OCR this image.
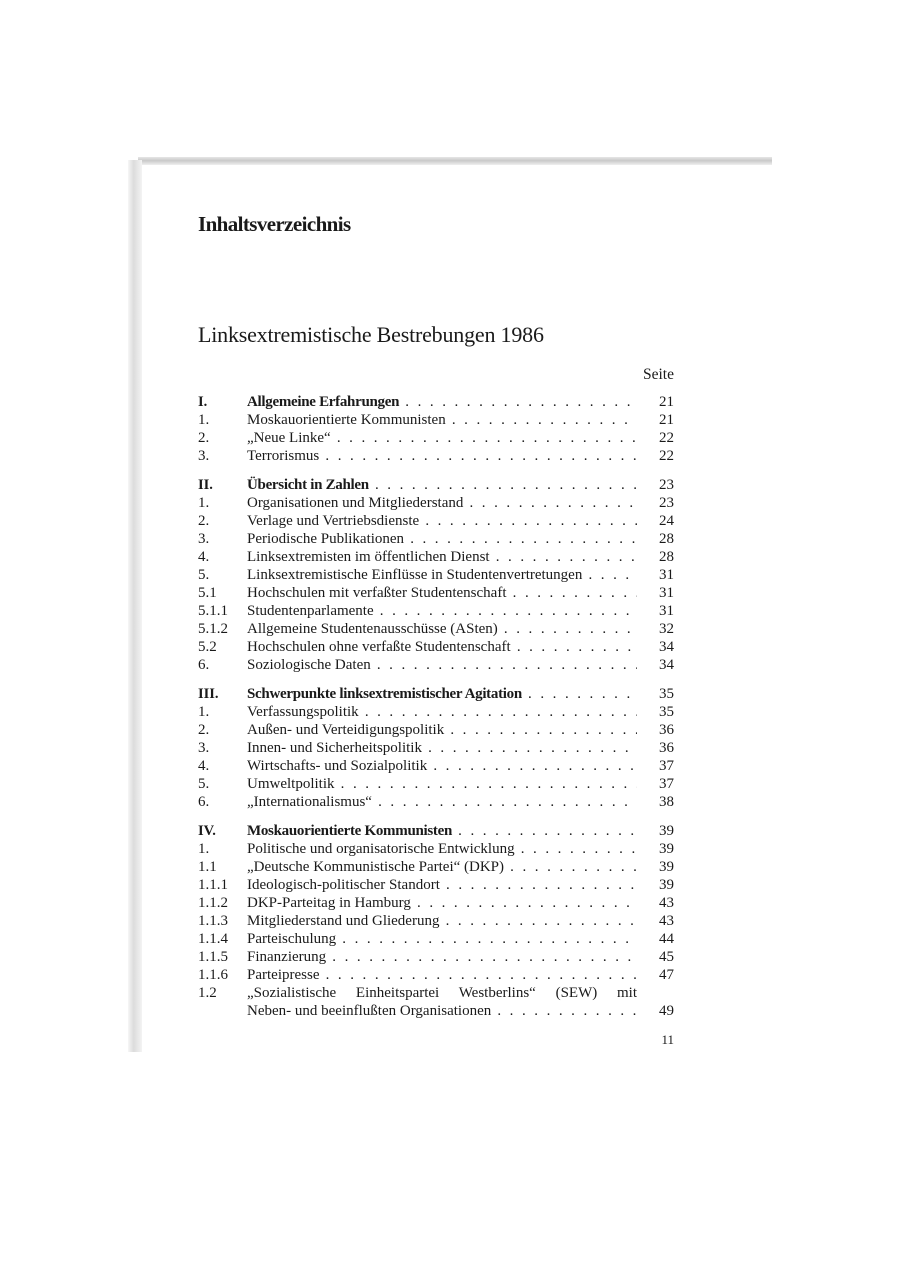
Inhaltsverzeichnis
Linksextremistische Bestrebungen 1986
Seite
I.	Allgemeine Erfahrungen . . .	21
1.	Moskauorientierte Kommunisten . . .	21
2.	„Neue Linke“ . . .	22
3.	Terrorismus . . .	22
II. Übersicht in Zahlen . . .	23
1.	Organisationen und Mitgliederstand . . .	23
2.	Verlage und Vertriebsdienste . . .	24
3.	Periodische Publikationen . . .	28
4.	Linksextremisten im öffentlichen Dienst . . .	28
5.	Linksextremistische Einflüsse in Studentenvertretungen . . .	31
5.1 Hochschulen mit verfaßter Studentenschaft . . .	31
5.1.1 Studentenparlamente . . .	31
5.1.2 Allgemeine Studentenausschüsse (ASten) . . .	32
5.2 Hochschulen ohne verfaßte Studentenschaft . . .	34
6.	Soziologische Daten . . .	34
III. Schwerpunkte linksextremistischer Agitation . . .	35
1.	Verfassungspolitik . . .	35
2.	Außen- und Verteidigungspolitik . . .	36
3.	Innen- und Sicherheitspolitik . . .	36
4.	Wirtschafts- und Sozialpolitik . . .	37
5.	Umweltpolitik . . .	37
6.	„Internationalismus“ . . .	38
IV. Moskauorientierte Kommunisten . . .	39
1.	Politische und organisatorische Entwicklung . . .	39
1.1 „Deutsche Kommunistische Partei“ (DKP) . . .	39
1.1.1 Ideologisch-politischer Standort . . .	39
1.1.2 DKP-Parteitag in Hamburg . . .	43
1.1.3 Mitgliederstand und Gliederung . . .	43
1.1.4 Parteischulung . . .	44
1.1.5 Finanzierung . . .	45
1.1.6 Parteipresse . . .	47
1.2 „Sozialistische Einheitspartei Westberlins“ (SEW) mit
Neben- und beeinflußten Organisationen . . .	49
11
